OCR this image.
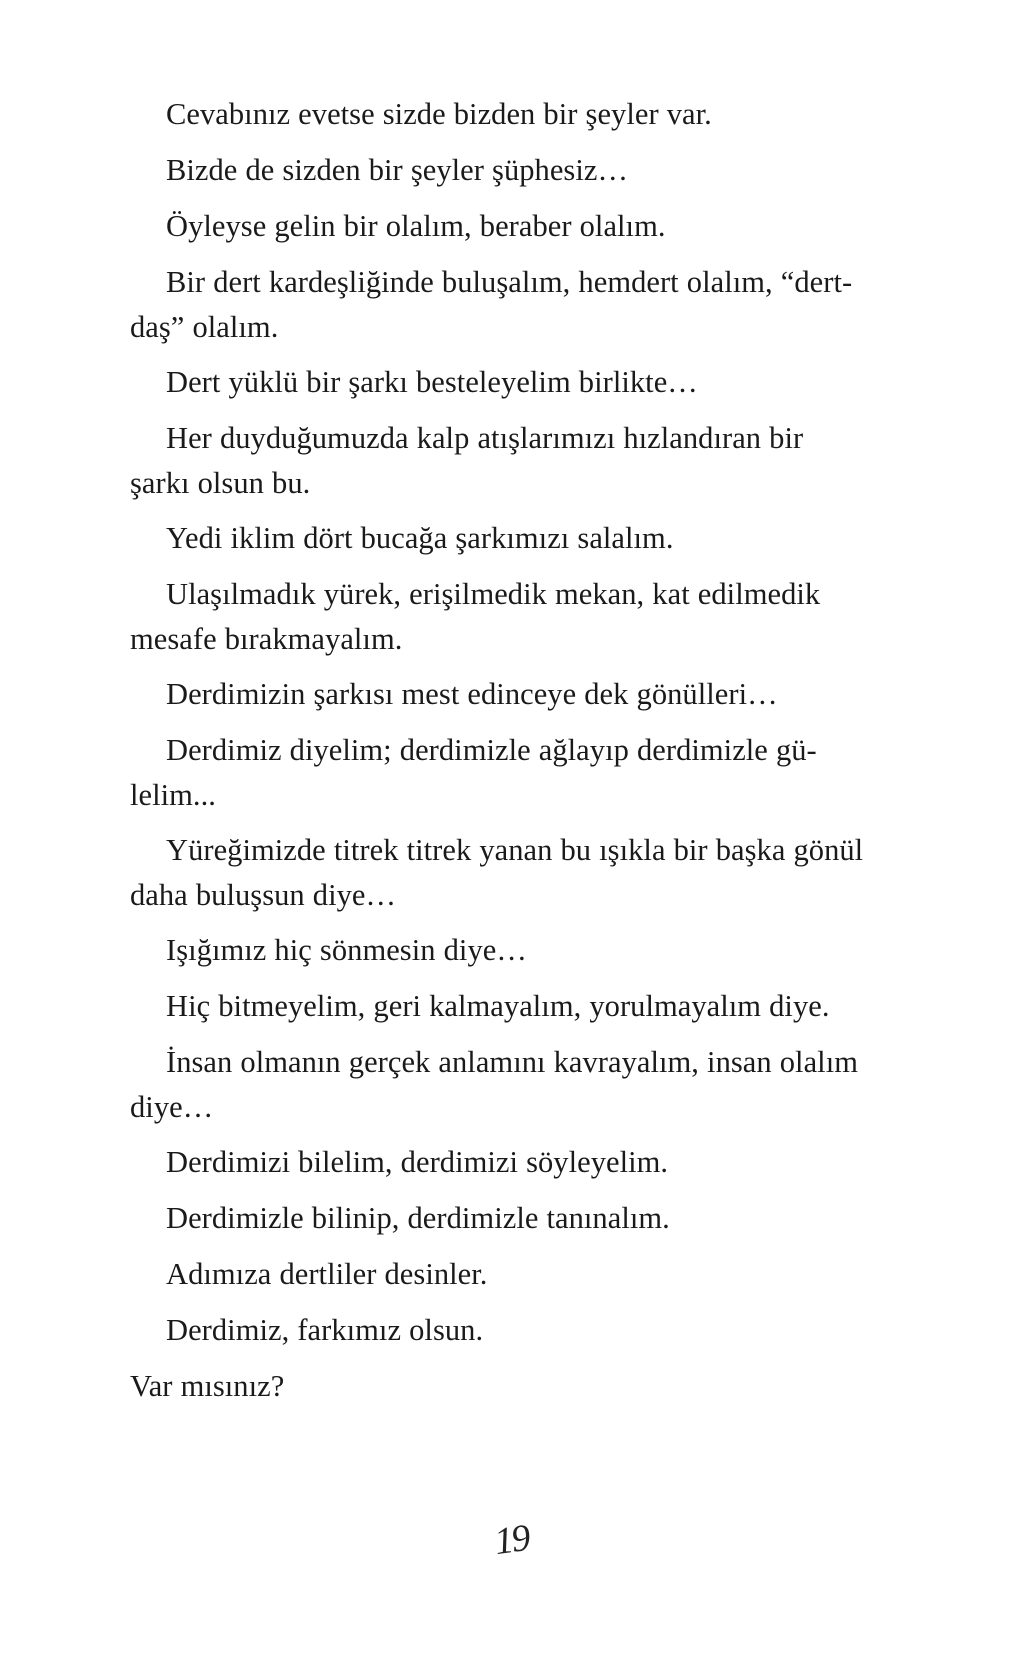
Cevabınız evetse sizde bizden bir şeyler var.

Bizde de sizden bir şeyler şüphesiz…

Öyleyse gelin bir olalım, beraber olalım.

Bir dert kardeşliğinde buluşalım, hemdert olalım, “dert-daş” olalım.

Dert yüklü bir şarkı besteleyelim birlikte…

Her duyduğumuzda kalp atışlarımızı hızlandıran bir şarkı olsun bu.

Yedi iklim dört bucağa şarkımızı salalım.

Ulaşılmadık yürek, erişilmedik mekan, kat edilmedik mesafe bırakmayalım.

Derdimizin şarkısı mest edinceye dek gönülleri…

Derdimiz diyelim; derdimizle ağlayıp derdimizle gü-lelim...

Yüreğimizde titrek titrek yanan bu ışıkla bir başka gönül daha buluşsun diye…

Işığımız hiç sönmesin diye…

Hiç bitmeyelim, geri kalmayalım, yorulmayalım diye.

İnsan olmanın gerçek anlamını kavrayalım, insan olalım diye…

Derdimizi bilelim, derdimizi söyleyelim.

Derdimizle bilinip, derdimizle tanınalım.

Adımıza dertliler desinler.

Derdimiz, farkımız olsun.

Var mısınız?

19
